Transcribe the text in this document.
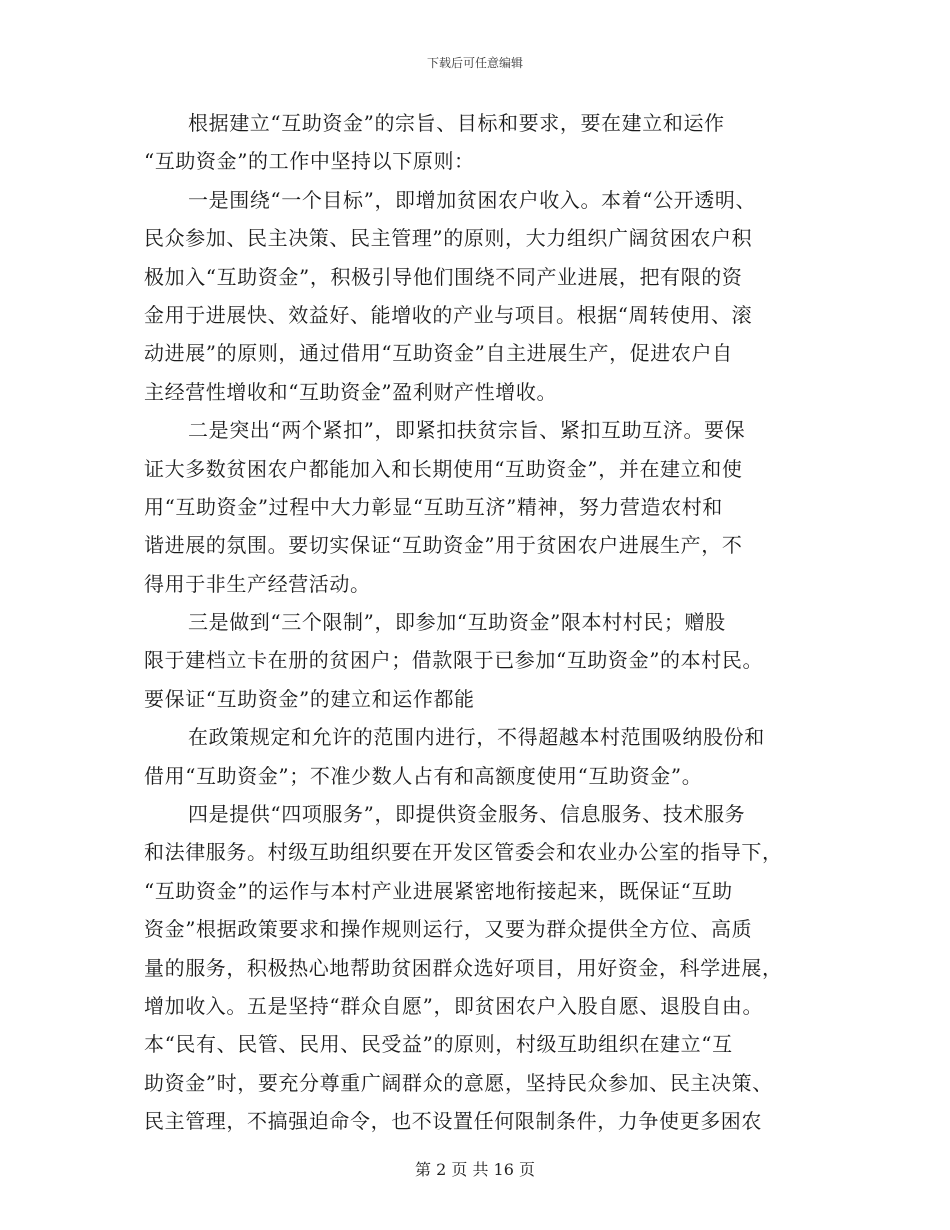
下载后可任意编辑
根据建立“互助资金”的宗旨、目标和要求，要在建立和运作
“互助资金”的工作中坚持以下原则：
一是围绕“一个目标”，即增加贫困农户收入。本着“公开透明、
民众参加、民主决策、民主管理”的原则，大力组织广阔贫困农户积
极加入“互助资金”，积极引导他们围绕不同产业进展，把有限的资
金用于进展快、效益好、能增收的产业与项目。根据“周转使用、滚
动进展”的原则，通过借用“互助资金”自主进展生产，促进农户自
主经营性增收和“互助资金”盈利财产性增收。
二是突出“两个紧扣”，即紧扣扶贫宗旨、紧扣互助互济。要保
证大多数贫困农户都能加入和长期使用“互助资金”，并在建立和使
用“互助资金”过程中大力彰显“互助互济”精神，努力营造农村和
谐进展的氛围。要切实保证“互助资金”用于贫困农户进展生产，不
得用于非生产经营活动。
三是做到“三个限制”，即参加“互助资金”限本村村民；赠股
限于建档立卡在册的贫困户；借款限于已参加“互助资金”的本村民。
要保证“互助资金”的建立和运作都能
在政策规定和允许的范围内进行，不得超越本村范围吸纳股份和
借用“互助资金”；不准少数人占有和高额度使用“互助资金”。
四是提供“四项服务”，即提供资金服务、信息服务、技术服务
和法律服务。村级互助组织要在开发区管委会和农业办公室的指导下，
“互助资金”的运作与本村产业进展紧密地衔接起来，既保证“互助
资金”根据政策要求和操作规则运行，又要为群众提供全方位、高质
量的服务，积极热心地帮助贫困群众选好项目，用好资金，科学进展，
增加收入。五是坚持“群众自愿”，即贫困农户入股自愿、退股自由。
本“民有、民管、民用、民受益”的原则，村级互助组织在建立“互
助资金”时，要充分尊重广阔群众的意愿，坚持民众参加、民主决策、
民主管理，不搞强迫命令，也不设置任何限制条件，力争使更多困农
第 2 页 共 16 页
